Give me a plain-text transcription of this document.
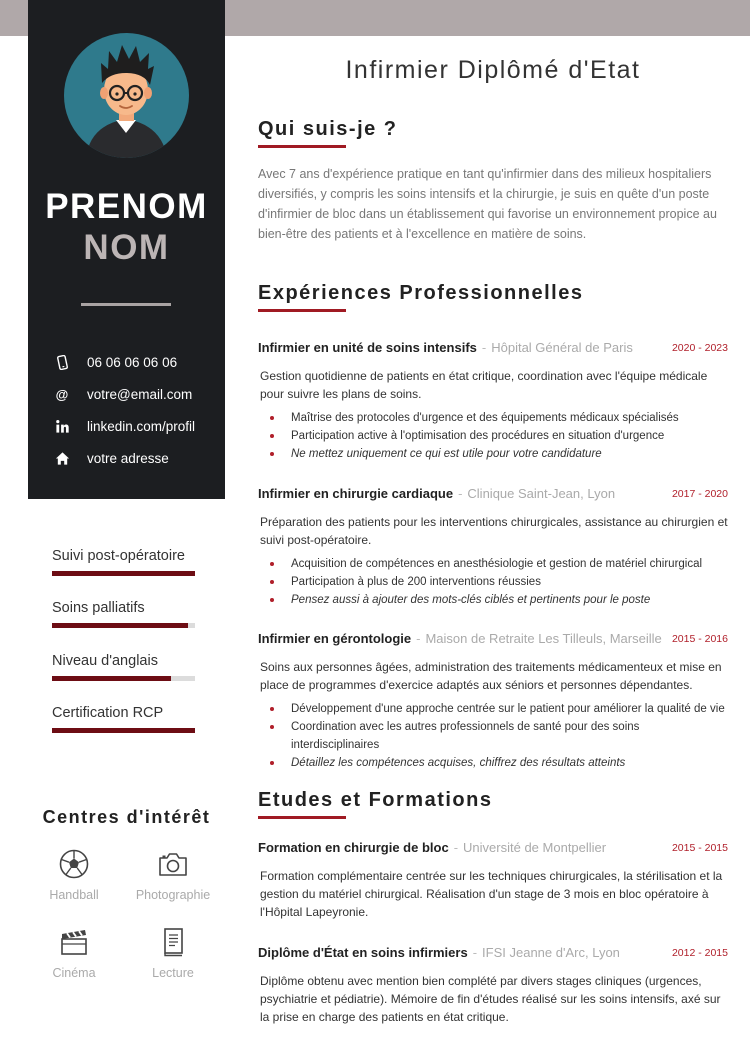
PRENOM
NOM
06 06 06 06 06
@ votre@email.com
linkedin.com/profil
votre adresse
Suivi post-opératoire
Soins palliatifs
Niveau d'anglais
Certification RCP
Centres d'intérêt
Handball	Photographie
Cinéma	Lecture
Infirmier Diplômé d'Etat
Qui suis-je ?
Avec 7 ans d'expérience pratique en tant qu'infirmier dans des milieux hospitaliers diversifiés, y compris les soins intensifs et la chirurgie, je suis en quête d'un poste d'infirmier de bloc dans un établissement qui favorise un environnement propice au bien-être des patients et à l'excellence en matière de soins.
Expériences Professionnelles
Infirmier en unité de soins intensifs - Hôpital Général de Paris	2020 - 2023
Gestion quotidienne de patients en état critique, coordination avec l'équipe médicale pour suivre les plans de soins.
Maîtrise des protocoles d'urgence et des équipements médicaux spécialisés
Participation active à l'optimisation des procédures en situation d'urgence
Ne mettez uniquement ce qui est utile pour votre candidature
Infirmier en chirurgie cardiaque - Clinique Saint-Jean, Lyon	2017 - 2020
Préparation des patients pour les interventions chirurgicales, assistance au chirurgien et suivi post-opératoire.
Acquisition de compétences en anesthésiologie et gestion de matériel chirurgical
Participation à plus de 200 interventions réussies
Pensez aussi à ajouter des mots-clés ciblés et pertinents pour le poste
Infirmier en gérontologie - Maison de Retraite Les Tilleuls, Marseille 2015 - 2016
Soins aux personnes âgées, administration des traitements médicamenteux et mise en place de programmes d'exercice adaptés aux séniors et personnes dépendantes.
Développement d'une approche centrée sur le patient pour améliorer la qualité de vie
Coordination avec les autres professionnels de santé pour des soins interdisciplinaires
Détaillez les compétences acquises, chiffrez des résultats atteints
Etudes et Formations
Formation en chirurgie de bloc - Université de Montpellier	2015 - 2015
Formation complémentaire centrée sur les techniques chirurgicales, la stérilisation et la gestion du matériel chirurgical. Réalisation d'un stage de 3 mois en bloc opératoire à l'Hôpital Lapeyronie.
Diplôme d'État en soins infirmiers - IFSI Jeanne d'Arc, Lyon	2012 - 2015
Diplôme obtenu avec mention bien complété par divers stages cliniques (urgences, psychiatrie et pédiatrie). Mémoire de fin d'études réalisé sur les soins intensifs, axé sur la prise en charge des patients en état critique.
